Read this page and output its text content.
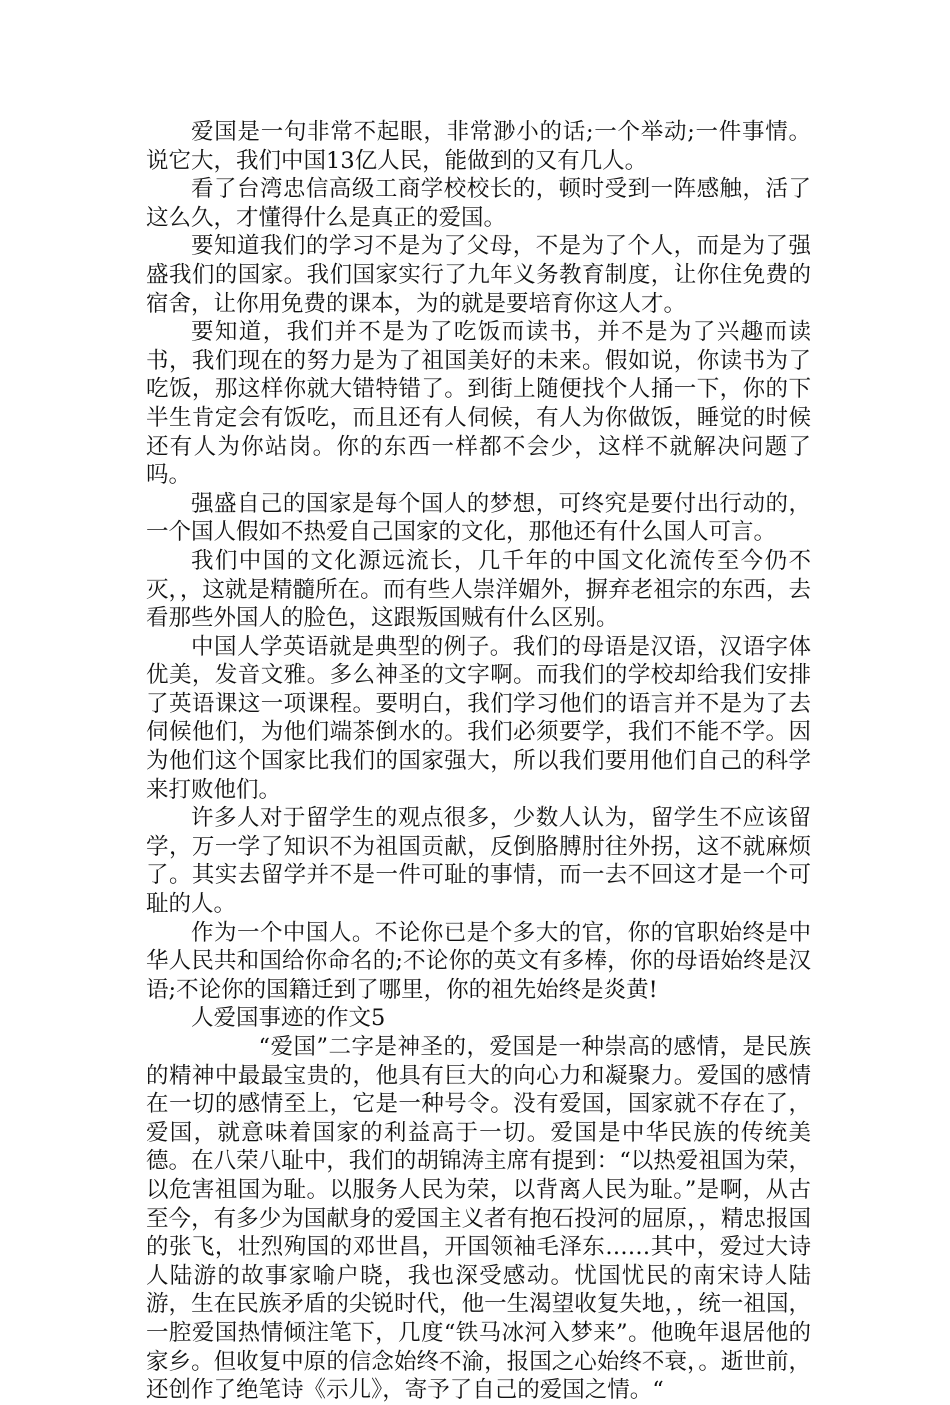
爱国是一句非常不起眼，非常渺小的话;一个举动;一件事情。说它大，我们中国13亿人民，能做到的又有几人。

看了台湾忠信高级工商学校校长的，顿时受到一阵感触，活了这么久，才懂得什么是真正的爱国。

要知道我们的学习不是为了父母，不是为了个人，而是为了强盛我们的国家。我们国家实行了九年义务教育制度，让你住免费的宿舍，让你用免费的课本，为的就是要培育你这人才。

要知道，我们并不是为了吃饭而读书，并不是为了兴趣而读书，我们现在的努力是为了祖国美好的未来。假如说，你读书为了吃饭，那这样你就大错特错了。到街上随便找个人捅一下，你的下半生肯定会有饭吃，而且还有人伺候，有人为你做饭，睡觉的时候还有人为你站岗。你的东西一样都不会少，这样不就解决问题了吗。

强盛自己的国家是每个国人的梦想，可终究是要付出行动的，一个国人假如不热爱自己国家的文化，那他还有什么国人可言。

我们中国的文化源远流长，几千年的中国文化流传至今仍不灭，，这就是精髓所在。而有些人崇洋媚外，摒弃老祖宗的东西，去看那些外国人的脸色，这跟叛国贼有什么区别。

中国人学英语就是典型的例子。我们的母语是汉语，汉语字体优美，发音文雅。多么神圣的文字啊。而我们的学校却给我们安排了英语课这一项课程。要明白，我们学习他们的语言并不是为了去伺候他们，为他们端茶倒水的。我们必须要学，我们不能不学。因为他们这个国家比我们的国家强大，所以我们要用他们自己的科学来打败他们。

许多人对于留学生的观点很多，少数人认为，留学生不应该留学，万一学了知识不为祖国贡献，反倒胳膊肘往外拐，这不就麻烦了。其实去留学并不是一件可耻的事情，而一去不回这才是一个可耻的人。

作为一个中国人。不论你已是个多大的官，你的官职始终是中华人民共和国给你命名的;不论你的英文有多棒，你的母语始终是汉语;不论你的国籍迁到了哪里，你的祖先始终是炎黄!

人爱国事迹的作文5

“爱国”二字是神圣的，爱国是一种崇高的感情，是民族的精神中最最宝贵的，他具有巨大的向心力和凝聚力。爱国的感情在一切的感情至上，它是一种号令。没有爱国，国家就不存在了，爱国，就意味着国家的利益高于一切。爱国是中华民族的传统美德。在八荣八耻中，我们的胡锦涛主席有提到：“以热爱祖国为荣，以危害祖国为耻。以服务人民为荣，以背离人民为耻。”是啊，从古至今，有多少为国献身的爱国主义者有抱石投河的屈原，，精忠报国的张飞，壮烈殉国的邓世昌，开国领袖毛泽东……其中，爱过大诗人陆游的故事家喻户晓，我也深受感动。忧国忧民的南宋诗人陆游，生在民族矛盾的尖锐时代，他一生渴望收复失地，，统一祖国，一腔爱国热情倾注笔下，几度“铁马冰河入梦来”。他晚年退居他的家乡。但收复中原的信念始终不渝，报国之心始终不衰，。逝世前，还创作了绝笔诗《示儿》，寄予了自己的爱国之情。“
